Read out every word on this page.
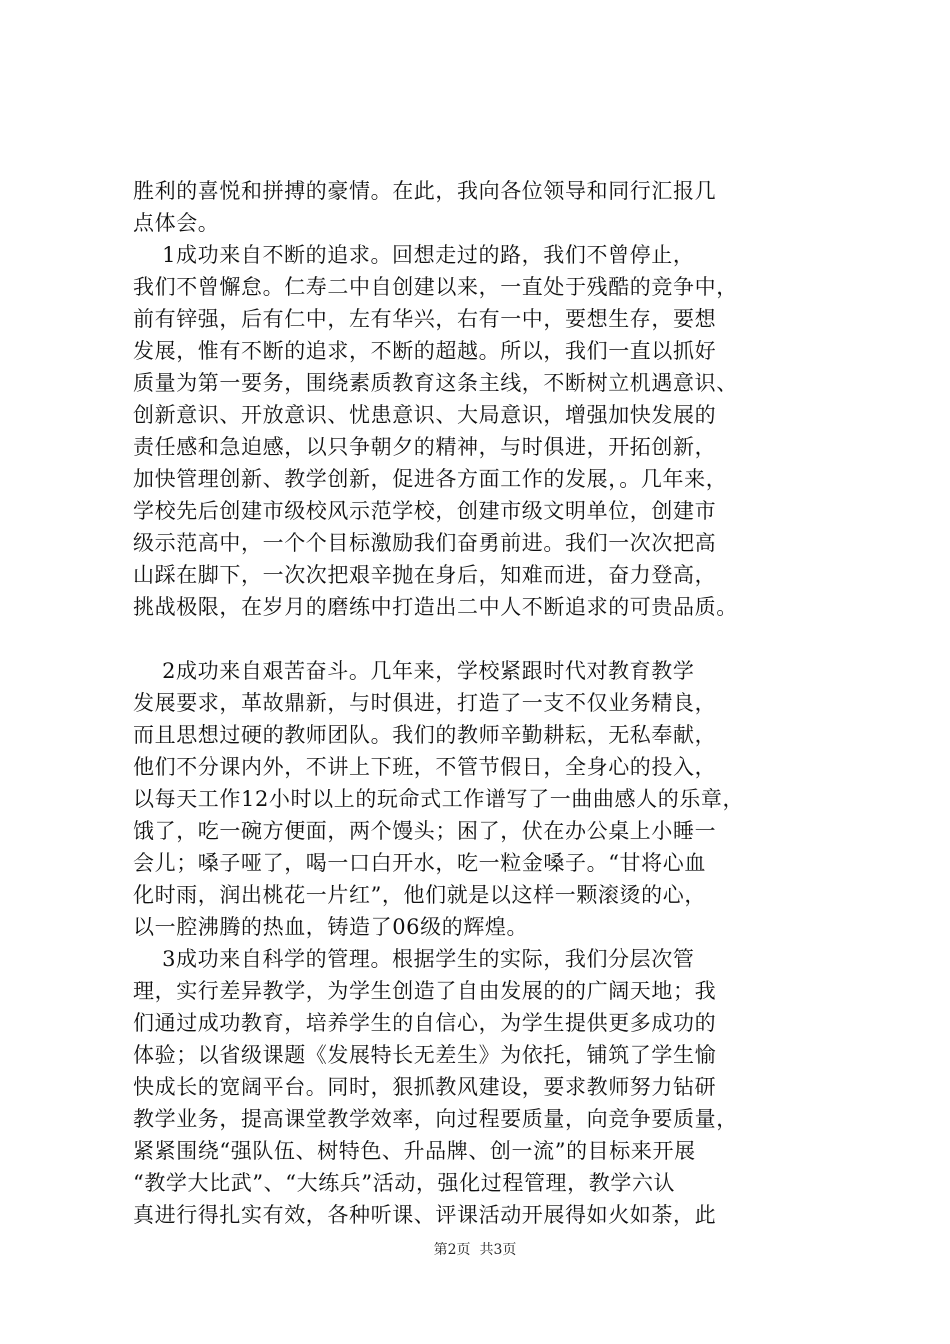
胜利的喜悦和拼搏的豪情。在此，我向各位领导和同行汇报几
点体会。
1成功来自不断的追求。回想走过的路，我们不曾停止，
我们不曾懈怠。仁寿二中自创建以来，一直处于残酷的竞争中，
前有锌强，后有仁中，左有华兴，右有一中，要想生存，要想
发展，惟有不断的追求，不断的超越。所以，我们一直以抓好
质量为第一要务，围绕素质教育这条主线，不断树立机遇意识、
创新意识、开放意识、忧患意识、大局意识，增强加快发展的
责任感和急迫感，以只争朝夕的精神，与时俱进，开拓创新，
加快管理创新、教学创新，促进各方面工作的发展，。几年来，
学校先后创建市级校风示范学校，创建市级文明单位，创建市
级示范高中，一个个目标激励我们奋勇前进。我们一次次把高
山踩在脚下，一次次把艰辛抛在身后，知难而进，奋力登高，
挑战极限，在岁月的磨练中打造出二中人不断追求的可贵品质。
2成功来自艰苦奋斗。几年来，学校紧跟时代对教育教学
发展要求，革故鼎新，与时俱进，打造了一支不仅业务精良，
而且思想过硬的教师团队。我们的教师辛勤耕耘，无私奉献，
他们不分课内外，不讲上下班，不管节假日，全身心的投入，
以每天工作12小时以上的玩命式工作谱写了一曲曲感人的乐章，
饿了，吃一碗方便面，两个馒头；困了，伏在办公桌上小睡一
会儿；嗓子哑了，喝一口白开水，吃一粒金嗓子。“甘将心血
化时雨，润出桃花一片红”，他们就是以这样一颗滚烫的心，
以一腔沸腾的热血，铸造了06级的辉煌。
3成功来自科学的管理。根据学生的实际，我们分层次管
理，实行差异教学，为学生创造了自由发展的的广阔天地；我
们通过成功教育，培养学生的自信心，为学生提供更多成功的
体验；以省级课题《发展特长无差生》为依托，铺筑了学生愉
快成长的宽阔平台。同时，狠抓教风建设，要求教师努力钻研
教学业务，提高课堂教学效率，向过程要质量，向竞争要质量，
紧紧围绕“强队伍、树特色、升品牌、创一流”的目标来开展
“教学大比武”、“大练兵”活动，强化过程管理，教学六认
真进行得扎实有效，各种听课、评课活动开展得如火如荼，此
第2页  共3页
